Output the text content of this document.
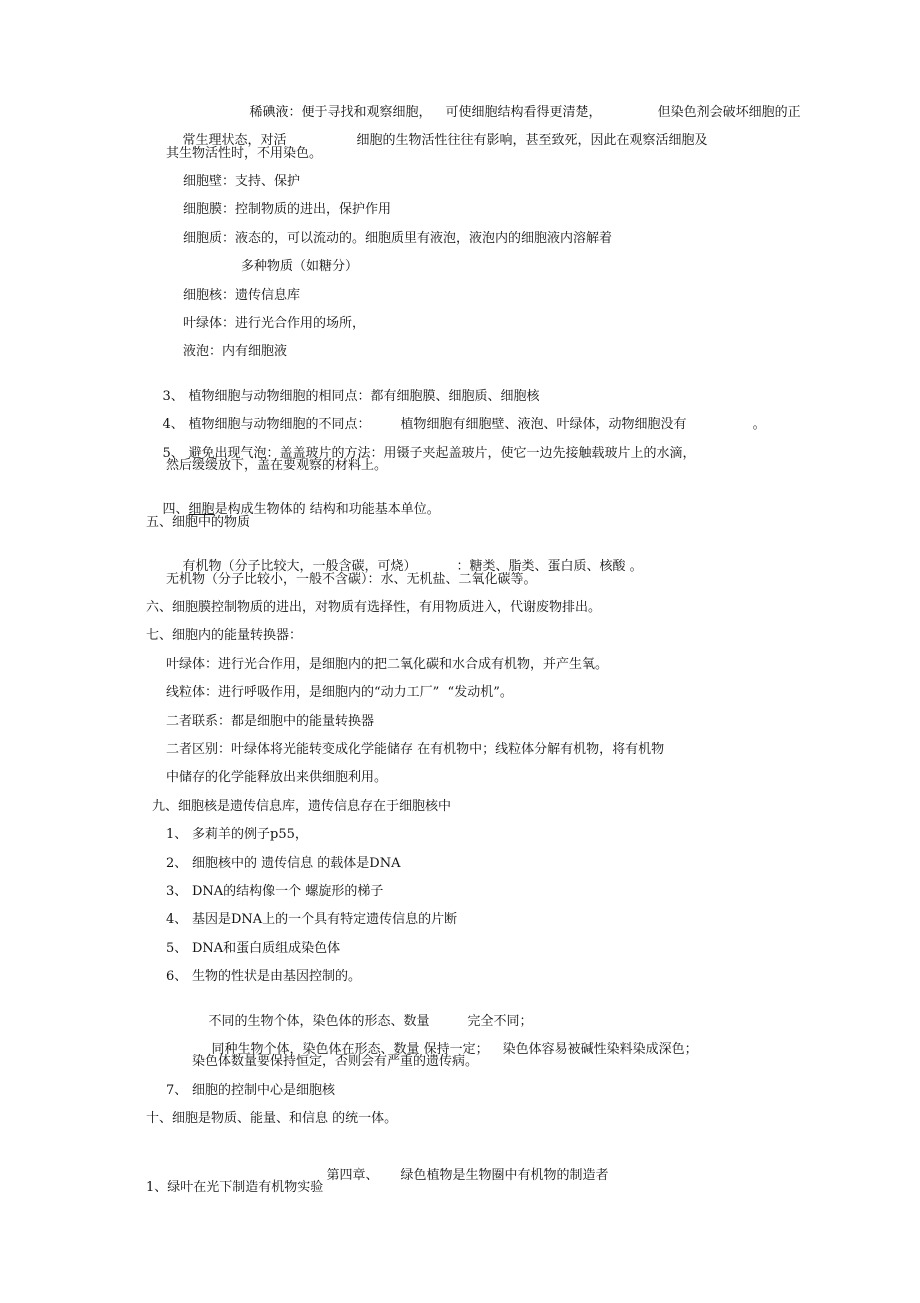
稀碘液：便于寻找和观察细胞， 可使细胞结构看得更清楚，	但染色剂会破坏细胞的正

常生理状态，对活	细胞的生物活性往往有影响，甚至致死，因此在观察活细胞及

其生物活性时，不用染色。
细胞壁：支持、保护
细胞膜：控制物质的进出，保护作用
细胞质：液态的，可以流动的。细胞质里有液泡，液泡内的细胞液内溶解着
多种物质（如糖分）
细胞核：遗传信息库
叶绿体：进行光合作用的场所，
液泡：内有细胞液

3、 植物细胞与动物细胞的相同点：都有细胞膜、细胞质、细胞核

4、 植物细胞与动物细胞的不同点： 植物细胞有细胞壁、液泡、叶绿体，动物细胞没有	。

5、 避免出现气泡：盖盖玻片的方法：用镊子夹起盖玻片，使它一边先接触载玻片上的水滴，

然后缓缓放下，盖在要观察的材料上。

四、细胞是构成生物体的 结构和功能基本单位。

五、细胞中的物质

有机物（分子比较大，一般含碳，可烧）	：糖类、脂类、蛋白质、核酸 。

无机物（分子比较小，一般不含碳）：水、无机盐、二氧化碳等。
六、细胞膜控制物质的进出，对物质有选择性，有用物质进入，代谢废物排出。
七、细胞内的能量转换器：
叶绿体：进行光合作用，是细胞内的把二氧化碳和水合成有机物，并产生氧。
线粒体：进行呼吸作用，是细胞内的“动力工厂”  “发动机”。
二者联系：都是细胞中的能量转换器
二者区别：叶绿体将光能转变成化学能储存 在有机物中；线粒体分解有机物，将有机物
中储存的化学能释放出来供细胞利用。
九、细胞核是遗传信息库，遗传信息存在于细胞核中
1、 多莉羊的例子p55，
2、 细胞核中的 遗传信息 的载体是DNA
3、 DNA的结构像一个 螺旋形的梯子
4、 基因是DNA上的一个具有特定遗传信息的片断
5、 DNA和蛋白质组成染色体
6、 生物的性状是由基因控制的。

不同的生物个体，染色体的形态、数量	完全不同；

同种生物个体，染色体在形态、数量 保持一定； 染色体容易被碱性染料染成深色；

染色体数量要保持恒定，否则会有严重的遗传病。
7、 细胞的控制中心是细胞核
十、细胞是物质、能量、和信息 的统一体。

第四章、 绿色植物是生物圈中有机物的制造者

1、绿叶在光下制造有机物实验
